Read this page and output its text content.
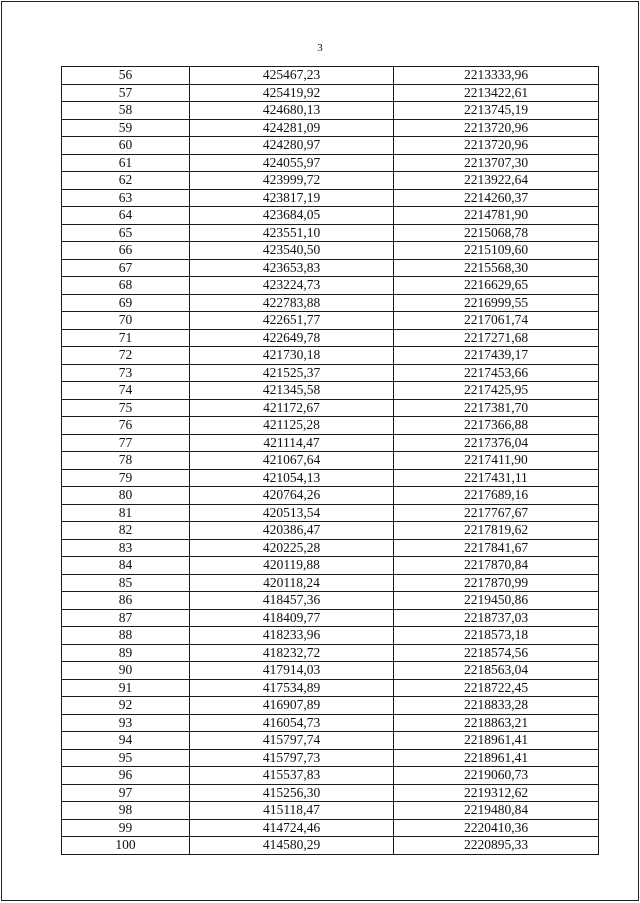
3
56	425467,23	2213333,96
57	425419,92	2213422,61
58	424680,13	2213745,19
59	424281,09	2213720,96
60	424280,97	2213720,96
61	424055,97	2213707,30
62	423999,72	2213922,64
63	423817,19	2214260,37
64	423684,05	2214781,90
65	423551,10	2215068,78
66	423540,50	2215109,60
67	423653,83	2215568,30
68	423224,73	2216629,65
69	422783,88	2216999,55
70	422651,77	2217061,74
71	422649,78	2217271,68
72	421730,18	2217439,17
73	421525,37	2217453,66
74	421345,58	2217425,95
75	421172,67	2217381,70
76	421125,28	2217366,88
77	421114,47	2217376,04
78	421067,64	2217411,90
79	421054,13	2217431,11
80	420764,26	2217689,16
81	420513,54	2217767,67
82	420386,47	2217819,62
83	420225,28	2217841,67
84	420119,88	2217870,84
85	420118,24	2217870,99
86	418457,36	2219450,86
87	418409,77	2218737,03
88	418233,96	2218573,18
89	418232,72	2218574,56
90	417914,03	2218563,04
91	417534,89	2218722,45
92	416907,89	2218833,28
93	416054,73	2218863,21
94	415797,74	2218961,41
95	415797,73	2218961,41
96	415537,83	2219060,73
97	415256,30	2219312,62
98	415118,47	2219480,84
99	414724,46	2220410,36
100	414580,29	2220895,33
